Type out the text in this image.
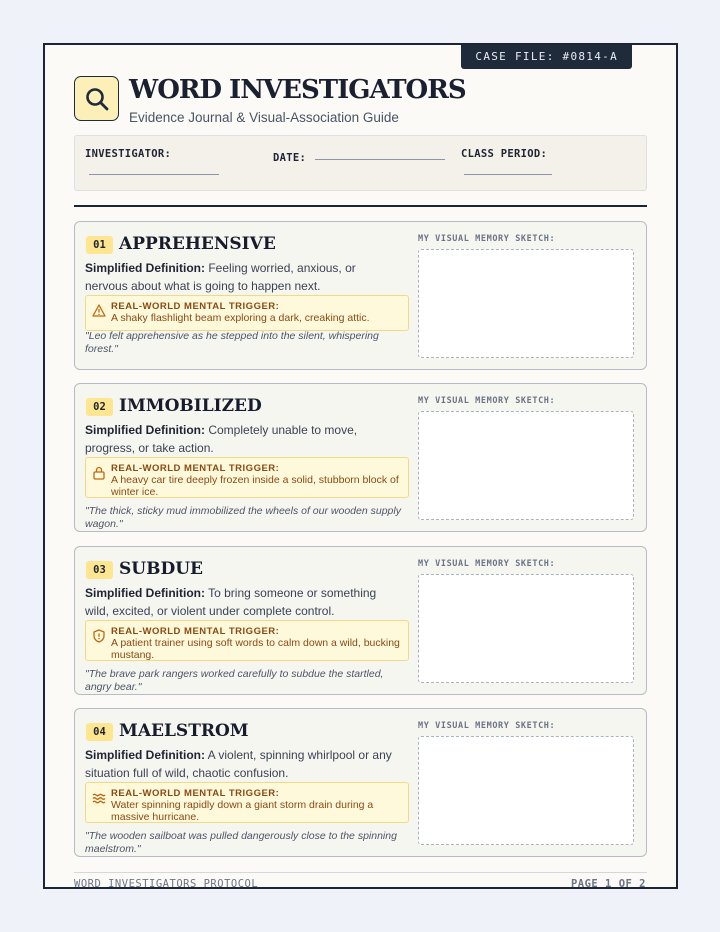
CASE FILE: #0814-A
WORD INVESTIGATORS
Evidence Journal & Visual-Association Guide
INVESTIGATOR:	DATE:	CLASS PERIOD:
01 APPREHENSIVE
Simplified Definition: Feeling worried, anxious, or nervous about what is going to happen next.
REAL-WORLD MENTAL TRIGGER:
A shaky flashlight beam exploring a dark, creaking attic.
"Leo felt apprehensive as he stepped into the silent, whispering forest."
MY VISUAL MEMORY SKETCH:
02 IMMOBILIZED
Simplified Definition: Completely unable to move, progress, or take action.
REAL-WORLD MENTAL TRIGGER:
A heavy car tire deeply frozen inside a solid, stubborn block of winter ice.
"The thick, sticky mud immobilized the wheels of our wooden supply wagon."
MY VISUAL MEMORY SKETCH:
03 SUBDUE
Simplified Definition: To bring someone or something wild, excited, or violent under complete control.
REAL-WORLD MENTAL TRIGGER:
A patient trainer using soft words to calm down a wild, bucking mustang.
"The brave park rangers worked carefully to subdue the startled, angry bear."
MY VISUAL MEMORY SKETCH:
04 MAELSTROM
Simplified Definition: A violent, spinning whirlpool or any situation full of wild, chaotic confusion.
REAL-WORLD MENTAL TRIGGER:
Water spinning rapidly down a giant storm drain during a massive hurricane.
"The wooden sailboat was pulled dangerously close to the spinning maelstrom."
MY VISUAL MEMORY SKETCH:
WORD INVESTIGATORS PROTOCOL	PAGE 1 OF 2
